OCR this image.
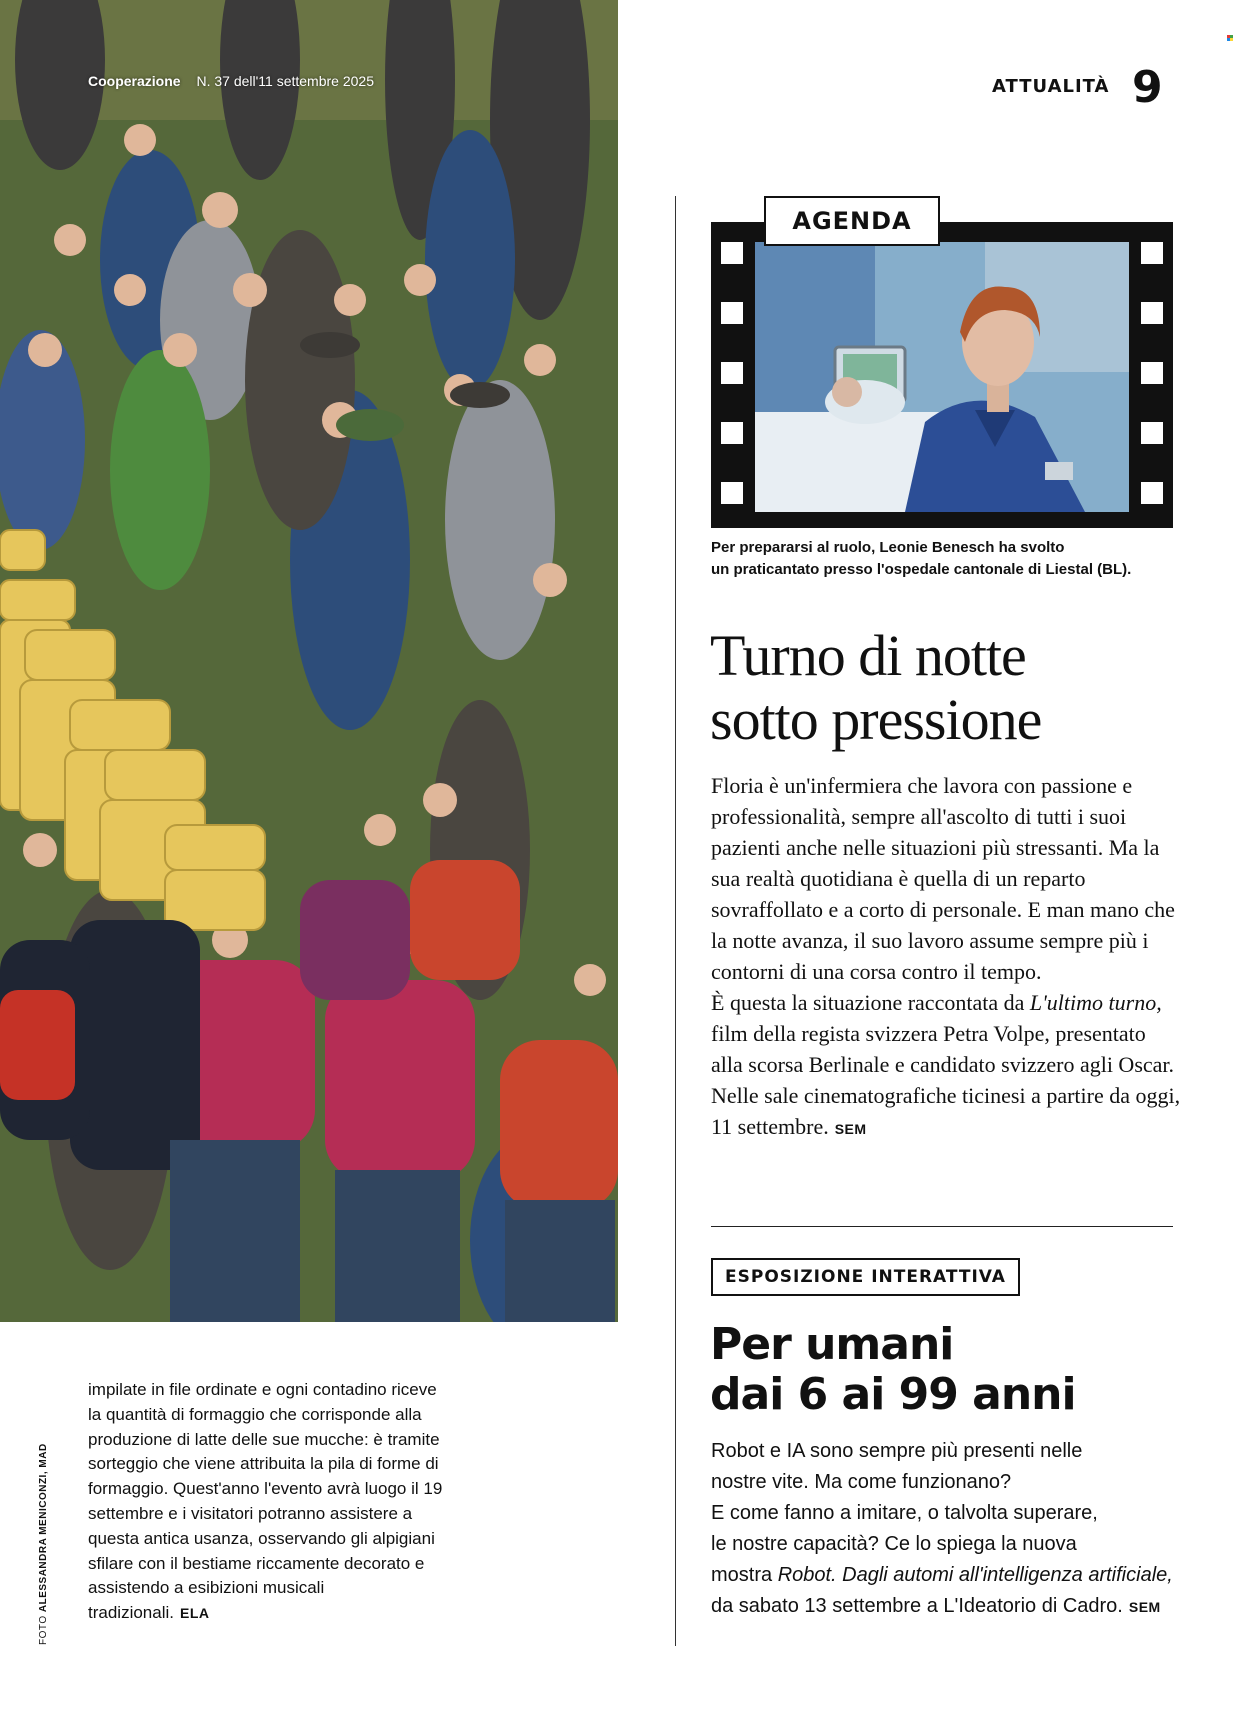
Cooperazione N. 37 dell'11 settembre 2025	ATTUALITÀ 9
AGENDA
Per prepararsi al ruolo, Leonie Benesch ha svolto
un praticantato presso l'ospedale cantonale di Liestal (BL).
Turno di notte
sotto pressione
Floria è un'infermiera che lavora con passione e professionalità, sempre all'ascolto di tutti i suoi pazienti anche nelle situazioni più stressanti. Ma la sua realtà quotidiana è quella di un reparto sovraffollato e a corto di personale. E man mano che la notte avanza, il suo lavoro assume sempre più i contorni di una corsa contro il tempo.
È questa la situazione raccontata da L'ultimo turno, film della regista svizzera Petra Volpe, presentato alla scorsa Berlinale e candidato svizzero agli Oscar. Nelle sale cinematografiche ticinesi a partire da oggi, 11 settembre. SEM
ESPOSIZIONE INTERATTIVA
Per umani
dai 6 ai 99 anni
Robot e IA sono sempre più presenti nelle
nostre vite. Ma come funzionano?
E come fanno a imitare, o talvolta superare,
le nostre capacità? Ce lo spiega la nuova
mostra Robot. Dagli automi all'intelligenza artificiale, da sabato 13 settembre a L'Ideatorio di Cadro. SEM
FOTO ALESSANDRA MENICONZI, MAD
impilate in file ordinate e ogni contadino riceve la quantità di formaggio che corrisponde alla produzione di latte delle sue mucche: è tramite sorteggio che viene attribuita la pila di forme di formaggio. Quest'anno l'evento avrà luogo il 19 settembre e i visitatori potranno assistere a questa antica usanza, osservando gli alpigiani sfilare con il bestiame riccamente decorato e assistendo a esibizioni musicali tradizionali. ELA
